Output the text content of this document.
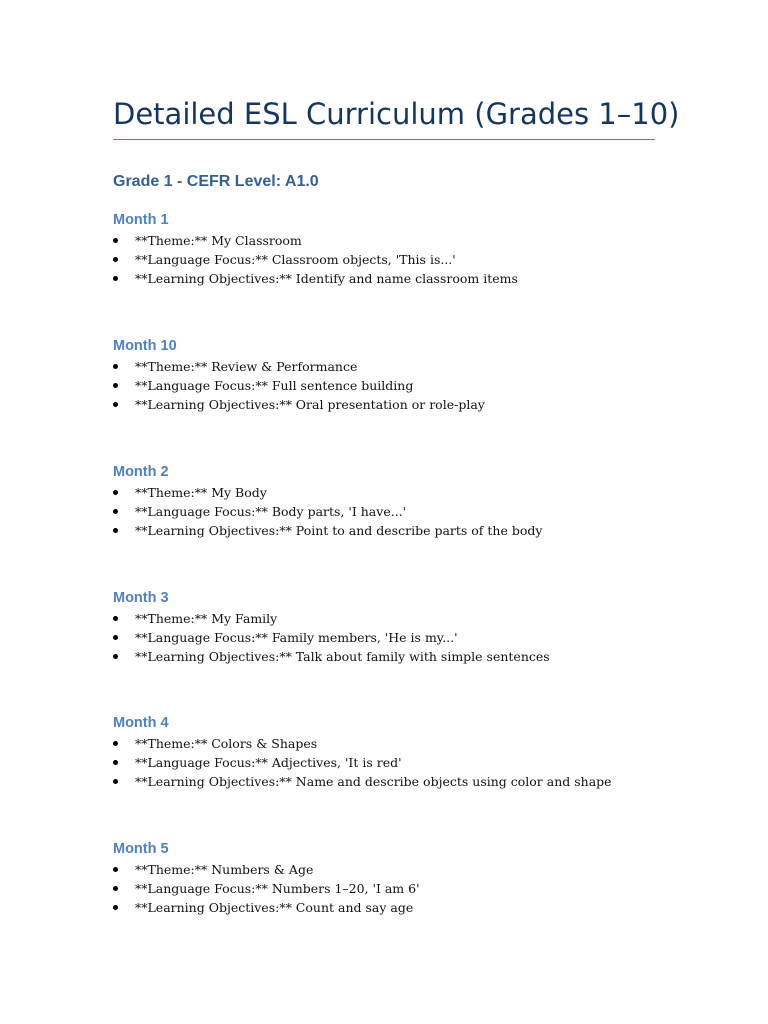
Detailed ESL Curriculum (Grades 1–10)
Grade 1 - CEFR Level: A1.0
Month 1
**Theme:** My Classroom
**Language Focus:** Classroom objects, 'This is...'
**Learning Objectives:** Identify and name classroom items
Month 10
**Theme:** Review & Performance
**Language Focus:** Full sentence building
**Learning Objectives:** Oral presentation or role-play
Month 2
**Theme:** My Body
**Language Focus:** Body parts, 'I have...'
**Learning Objectives:** Point to and describe parts of the body
Month 3
**Theme:** My Family
**Language Focus:** Family members, 'He is my...'
**Learning Objectives:** Talk about family with simple sentences
Month 4
**Theme:** Colors & Shapes
**Language Focus:** Adjectives, 'It is red'
**Learning Objectives:** Name and describe objects using color and shape
Month 5
**Theme:** Numbers & Age
**Language Focus:** Numbers 1–20, 'I am 6'
**Learning Objectives:** Count and say age
